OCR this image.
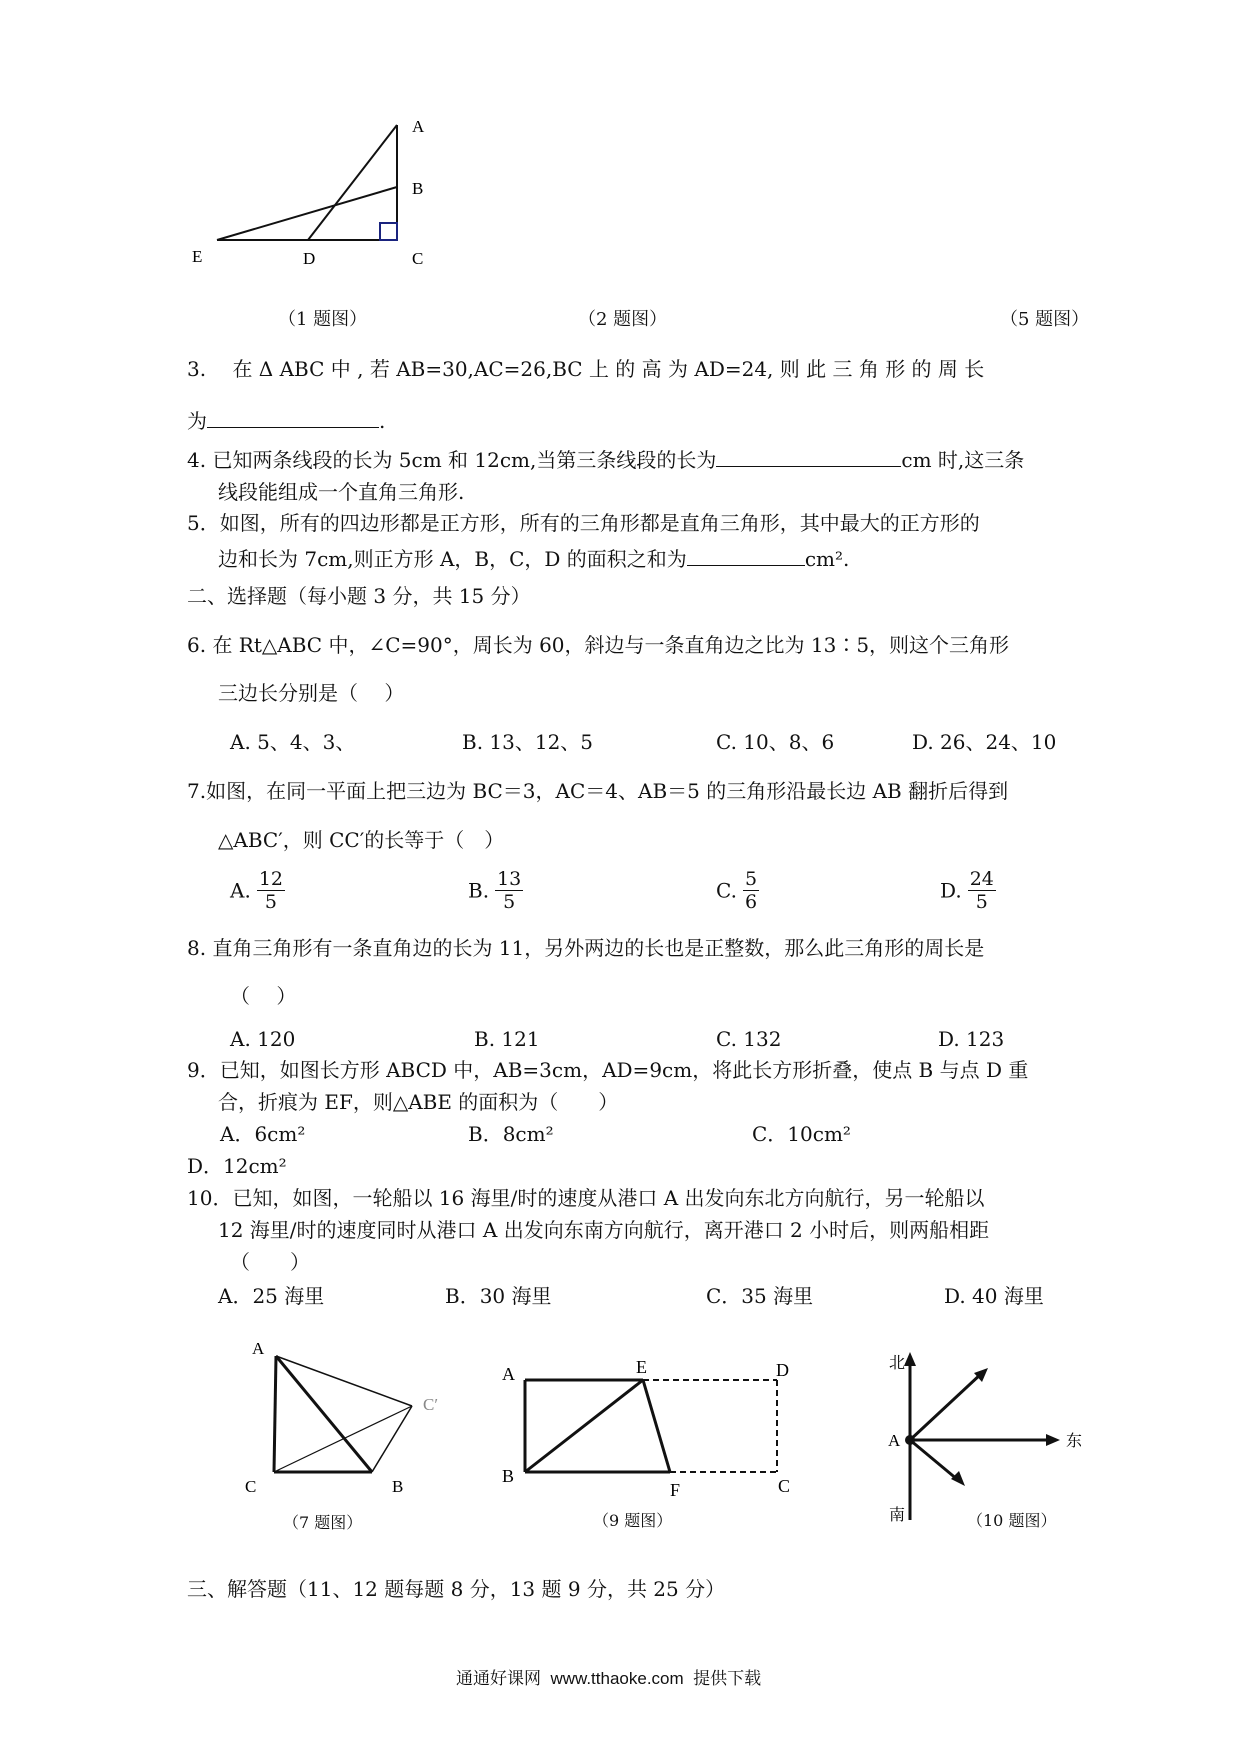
A
B
C
D
E
（1 题图）	（2 题图）	（5 题图）
3.　 在 Δ ABC 中 , 若 AB=30,AC=26,BC 上 的 高 为 AD=24, 则 此 三 角 形 的 周 长
为	.
4. 已知两条线段的长为 5cm 和 12cm,当第三条线段的长为	cm 时,这三条
线段能组成一个直角三角形.
5．如图，所有的四边形都是正方形，所有的三角形都是直角三角形，其中最大的正方形的
边和长为 7cm,则正方形 A，B，C，D 的面积之和为	cm².
二、选择题（每小题 3 分，共 15 分）
6. 在 Rt△ABC 中，∠C=90°，周长为 60，斜边与一条直角边之比为 13∶5，则这个三角形
三边长分别是（　 ）
A. 5、4、3、	B. 13、12、5	C. 10、8、6	D. 26、24、10
7.如图，在同一平面上把三边为 BC＝3，AC＝4、AB＝5 的三角形沿最长边 AB 翻折后得到
△ABC′，则 CC′的长等于（　）
A. $\frac{12}{5}$	B. $\frac{13}{5}$	C. $\frac{5}{6}$	D. $\frac{24}{5}$
8. 直角三角形有一条直角边的长为 11，另外两边的长也是正整数，那么此三角形的周长是
（　 ）
A. 120	B. 121	C. 132	D. 123
9．已知，如图长方形 ABCD 中，AB=3cm，AD=9cm，将此长方形折叠，使点 B 与点 D 重
合，折痕为 EF，则△ABE 的面积为（　　）
A．6cm²	B．8cm²	C．10cm²
D．12cm²
10．已知，如图，一轮船以 16 海里/时的速度从港口 A 出发向东北方向航行，另一轮船以
12 海里/时的速度同时从港口 A 出发向东南方向航行，离开港口 2 小时后，则两船相距
（　　）
A．25 海里	B．30 海里	C．35 海里	D. 40 海里
A
C	B
C′
（7 题图）
A
B
E	D
F	C
（9 题图）
北
南
东
A
（10 题图）
三、解答题（11、12 题每题 8 分，13 题 9 分，共 25 分）
通通好课网  www.tthaoke.com  提供下载
